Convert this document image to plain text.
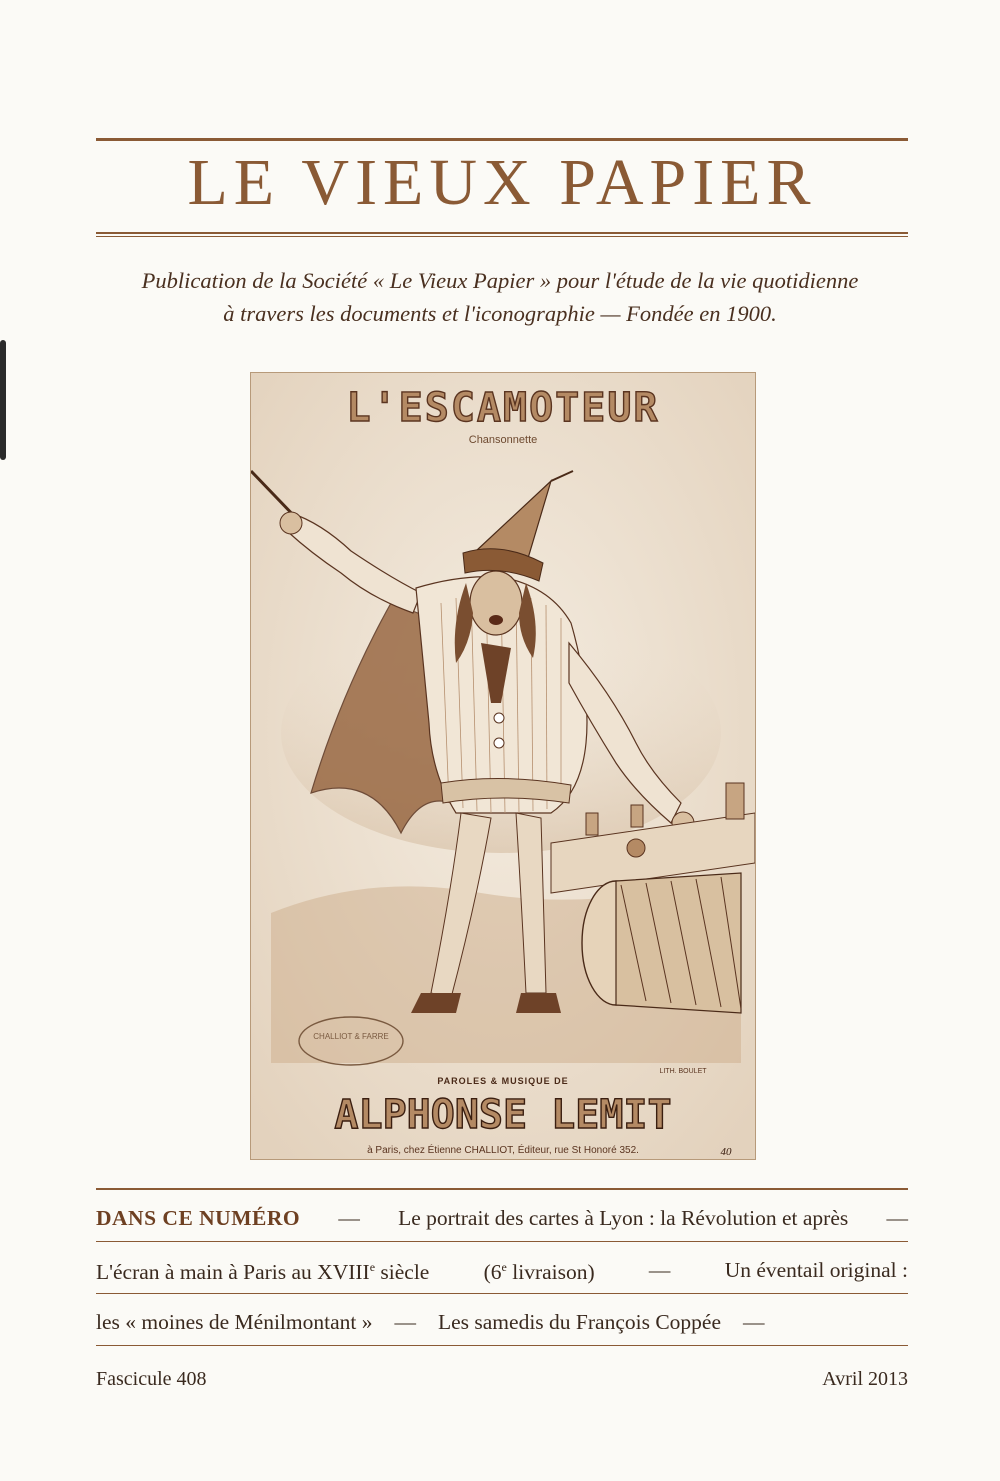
LE VIEUX PAPIER
Publication de la Société « Le Vieux Papier » pour l'étude de la vie quotidienne
à travers les documents et l'iconographie — Fondée en 1900.
L'ESCAMOTEUR
Chansonnette
CHALLIOT & FARRE
LITH. BOULET
PAROLES & MUSIQUE DE
ALPHONSE LEMIT
à Paris, chez Étienne CHALLIOT, Éditeur, rue St Honoré 352.	40
DANS CE NUMÉRO — Le portrait des cartes à Lyon : la Révolution et après —
L'écran à main à Paris au XVIIIe siècle	(6e livraison)	—	Un éventail original :
les « moines de Ménilmontant » — Les samedis du François Coppée —
Fascicule 408	Avril 2013
